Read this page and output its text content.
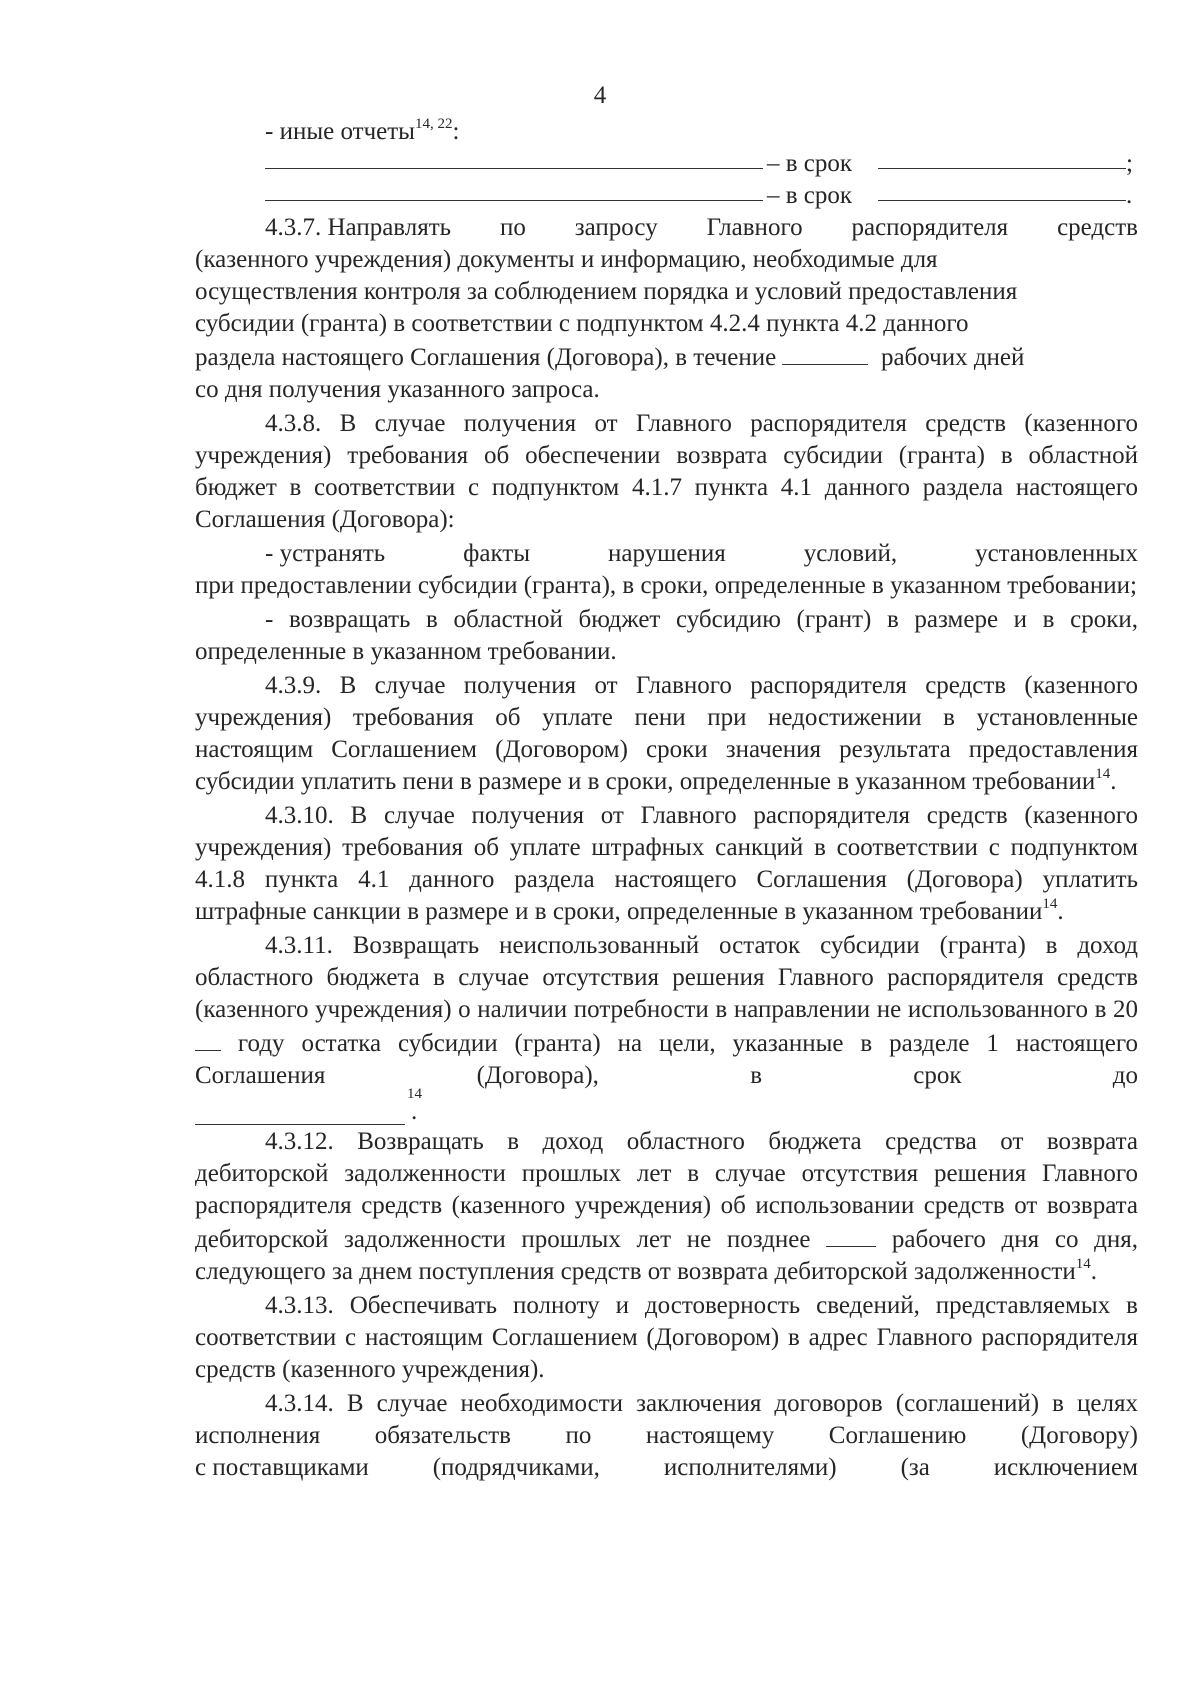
4
- иные отчеты$^{14, 22}$:
– в срок	;
– в срок	.
4.3.7. Направлять по запросу Главного распорядителя средств
(казенного учреждения) документы и информацию, необходимые для
осуществления контроля за соблюдением порядка и условий предоставления
субсидии (гранта) в соответствии с подпунктом 4.2.4 пункта 4.2 данного
раздела настоящего Соглашения (Договора), в течение	рабочих дней
со дня получения указанного запроса.

4.3.8. В случае получения от Главного распорядителя средств (казенного учреждения) требования об обеспечении возврата субсидии (гранта) в областной бюджет в соответствии с подпунктом 4.1.7 пункта 4.1 данного раздела настоящего Соглашения (Договора):

- устранять	факты	нарушения	условий,	установленных

при предоставлении субсидии (гранта), в сроки, определенные в указанном требовании;

- возвращать в областной бюджет субсидию (грант) в размере и в сроки, определенные в указанном требовании.

4.3.9. В случае получения от Главного распорядителя средств (казенного учреждения) требования об уплате пени при недостижении в установленные настоящим Соглашением (Договором) сроки значения результата предоставления субсидии уплатить пени в размере и в сроки, определенные в указанном требовании$^{14}$.

4.3.10. В случае получения от Главного распорядителя средств (казенного учреждения) требования об уплате штрафных санкций в соответствии с подпунктом 4.1.8 пункта 4.1 данного раздела настоящего Соглашения (Договора) уплатить штрафные санкции в размере и в сроки, определенные в указанном требовании$^{14}$.

4.3.11. Возвращать неиспользованный остаток субсидии (гранта) в доход областного бюджета в случае отсутствия решения Главного распорядителя средств (казенного учреждения) о наличии потребности в направлении не использованного в 20 году остатка субсидии (гранта) на цели, указанные в разделе 1 настоящего Соглашения (Договора), в срок до

14
.

4.3.12. Возвращать в доход областного бюджета средства от возврата дебиторской задолженности прошлых лет в случае отсутствия решения Главного распорядителя средств (казенного учреждения) об использовании средств от возврата дебиторской задолженности прошлых лет не позднее	рабочего дня со дня, следующего за днем поступления средств от возврата дебиторской задолженности$^{14}$.

4.3.13. Обеспечивать полноту и достоверность сведений, представляемых в соответствии с настоящим Соглашением (Договором) в адрес Главного распорядителя средств (казенного учреждения).

4.3.14. В случае необходимости заключения договоров (соглашений) в целях исполнения обязательств по настоящему Соглашению (Договору)

с поставщиками	(подрядчиками,	исполнителями)	(за	исключением
